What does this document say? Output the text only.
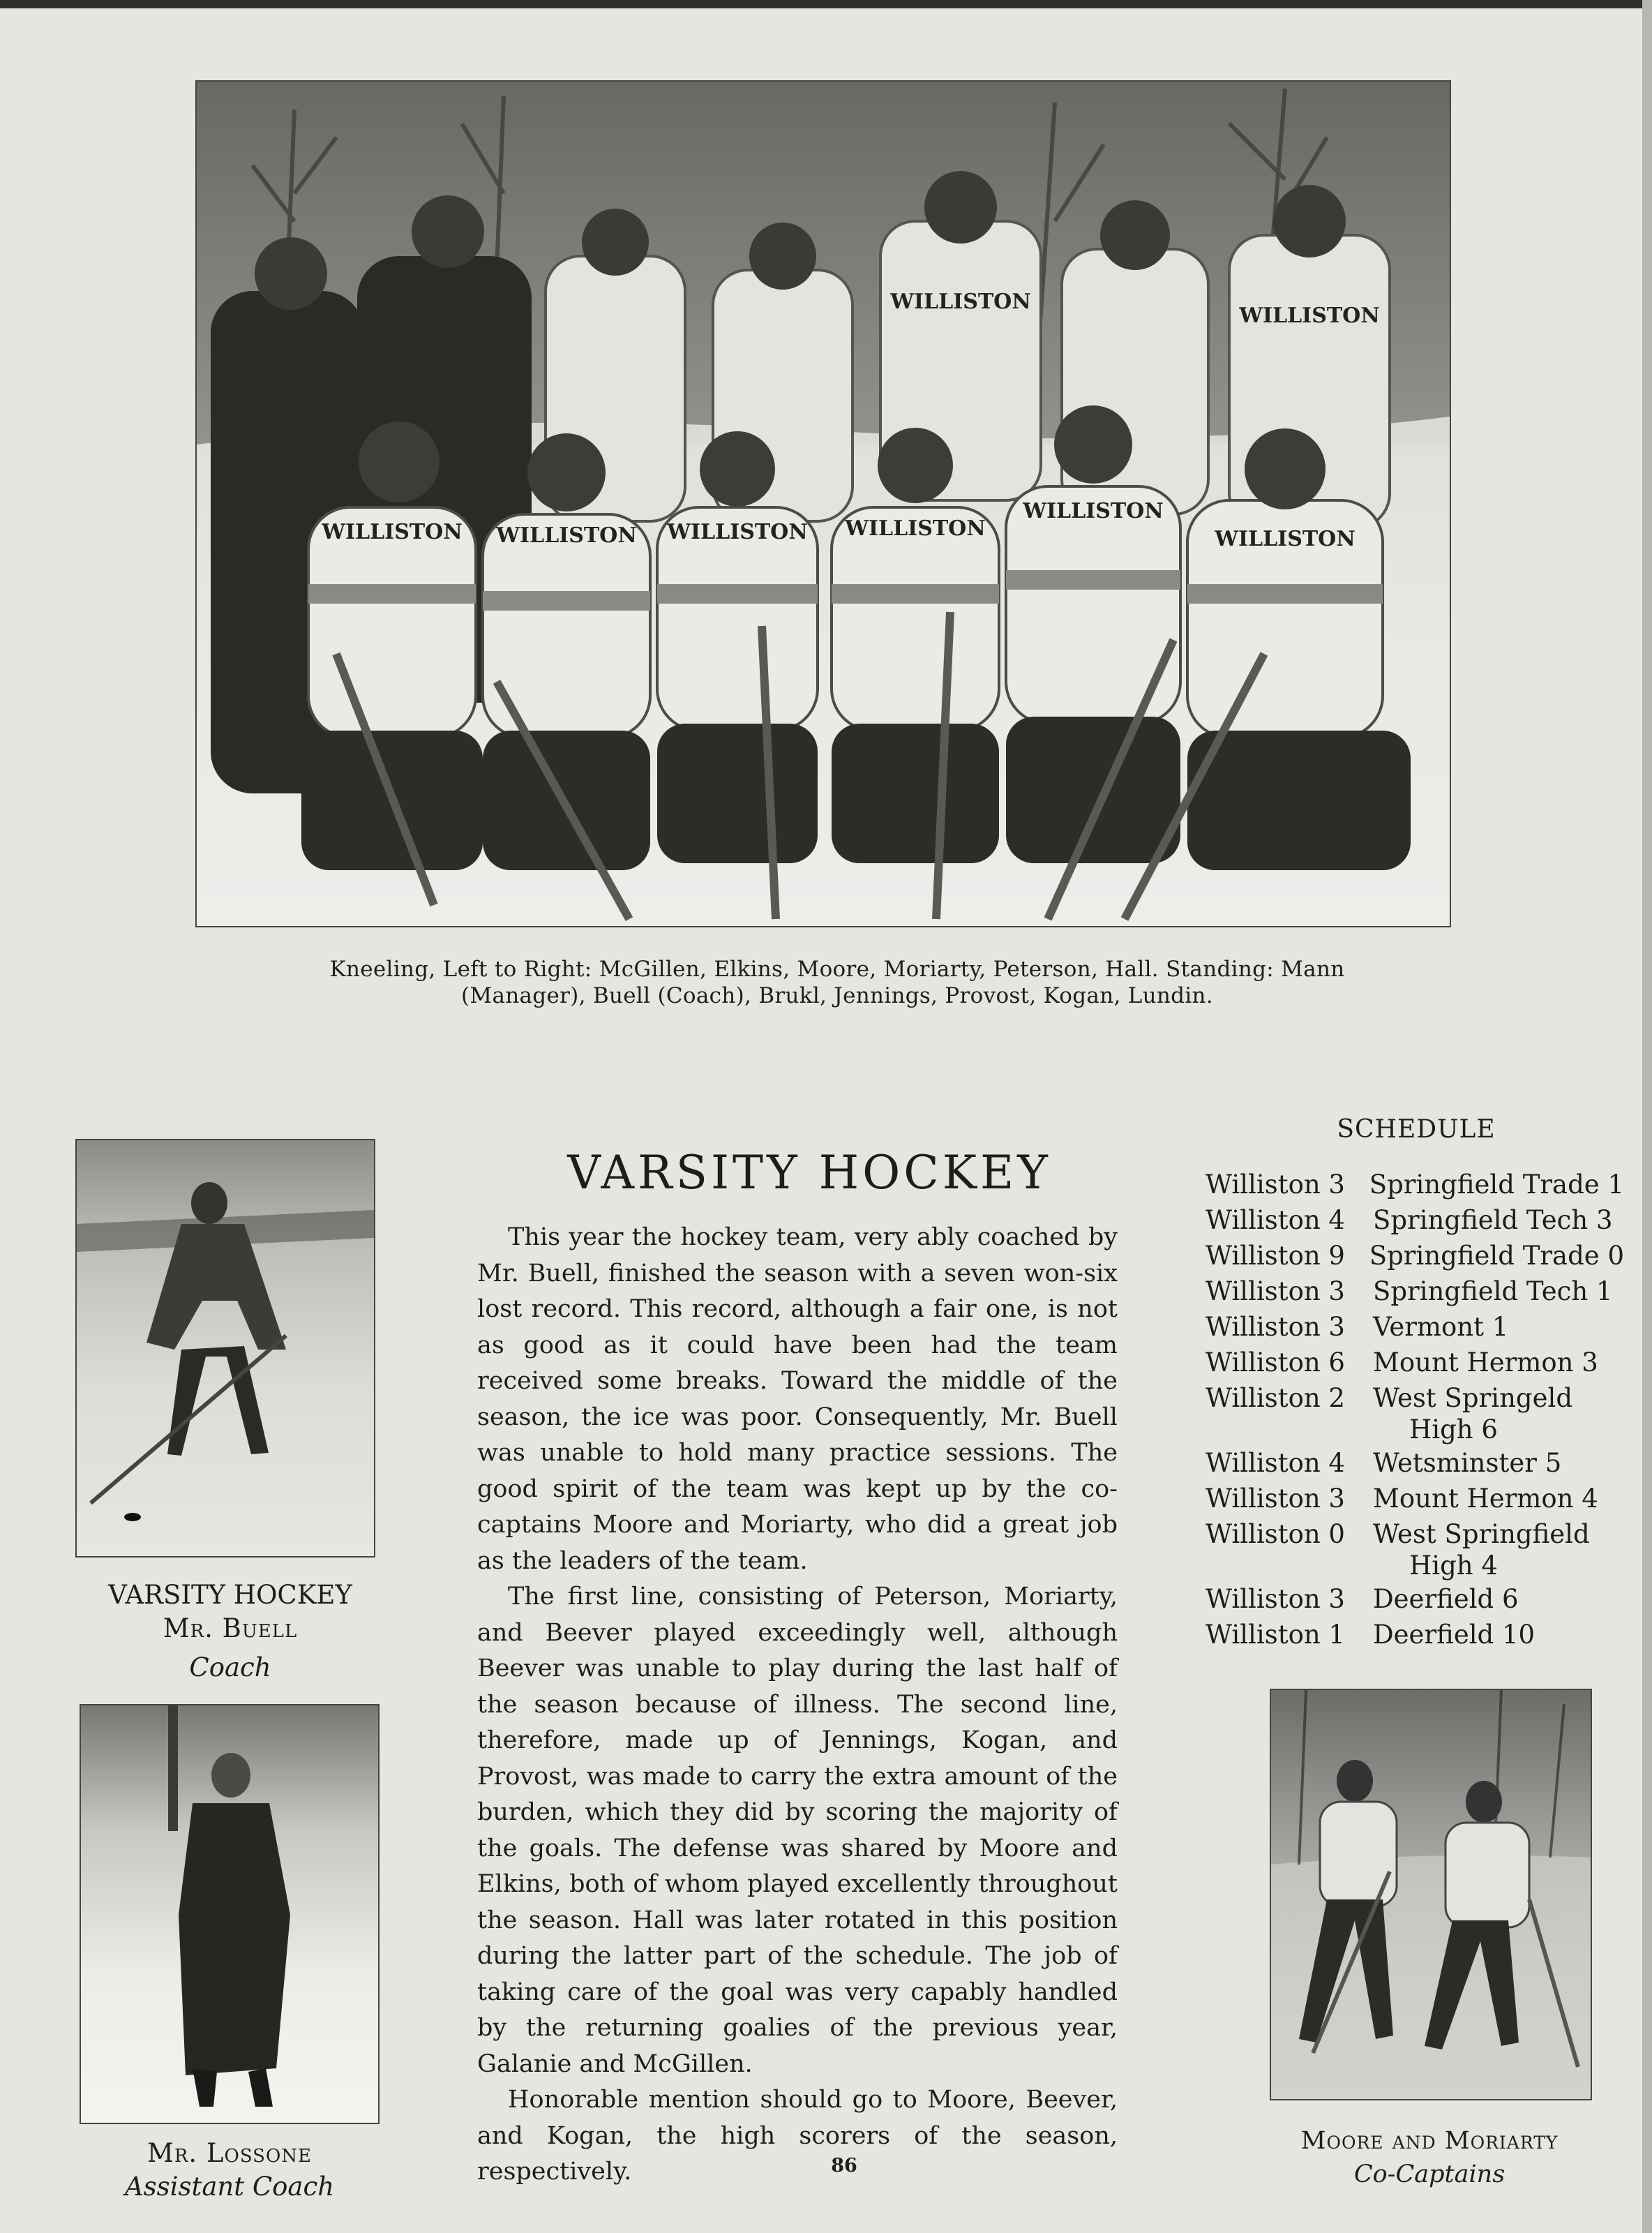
WILLISTON WILLISTON WILLISTON WILLISTON
WILLISTON
WILLISTON
WILLISTON
WILLISTON
Kneeling, Left to Right: McGillen, Elkins, Moore, Moriarty, Peterson, Hall. Standing: Mann (Manager), Buell (Coach), Brukl, Jennings, Provost, Kogan, Lundin.
VARSITY HOCKEY

This year the hockey team, very ably coached by Mr. Buell, finished the season with a seven won-six lost record. This record, although a fair one, is not as good as it could have been had the team received some breaks. Toward the middle of the season, the ice was poor. Consequently, Mr. Buell was unable to hold many practice sessions. The good spirit of the team was kept up by the co-captains Moore and Moriarty, who did a great job as the leaders of the team.

The first line, consisting of Peterson, Moriarty, and Beever played exceedingly well, although Beever was unable to play during the last half of the season because of illness. The second line, therefore, made up of Jennings, Kogan, and Provost, was made to carry the extra amount of the burden, which they did by scoring the majority of the goals. The defense was shared by Moore and Elkins, both of whom played excellently throughout the season. Hall was later rotated in this position during the latter part of the schedule. The job of taking care of the goal was very capably handled by the returning goalies of the previous year, Galanie and McGillen.

Honorable mention should go to Moore, Beever, and Kogan, the high scorers of the season, respectively.

SCHEDULE
Williston 3 Springfield Trade 1
Williston 4	Springfield Tech 3
Williston 9 Springfield Trade 0
Williston 3	Springfield Tech 1
Williston 3	Vermont 1
Williston 6	Mount Hermon 3
Williston 2	West Springeld
High 6
Williston 4	Wetsminster 5
Williston 3	Mount Hermon 4
Williston 0	West Springfield
High 4
Williston 3	Deerfield 6
Williston 1	Deerfield 10
VARSITY HOCKEY
Mr. Buell
Coach
Mr. Lossone
Assistant Coach
86
Moore and Moriarty
Co-Captains
